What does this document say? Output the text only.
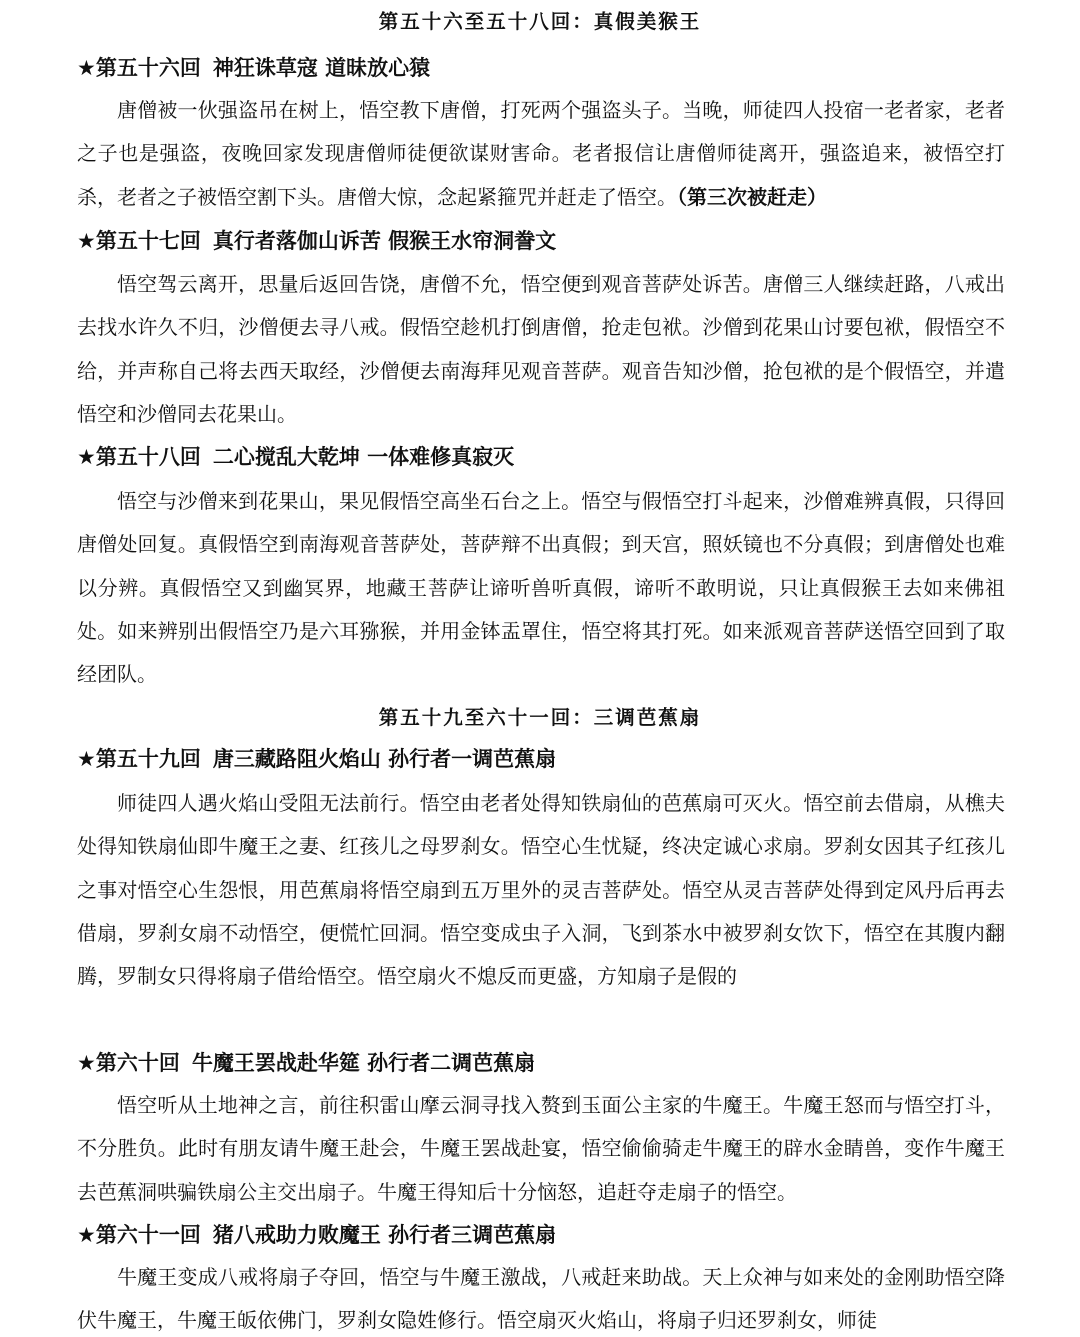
第五十六至五十八回：真假美猴王
★第五十六回 神狂诛草寇 道昧放心猿
唐僧被一伙强盗吊在树上，悟空教下唐僧，打死两个强盗头子。当晚，师徒四人投宿一老者家，老者之子也是强盗，夜晚回家发现唐僧师徒便欲谋财害命。老者报信让唐僧师徒离开，强盗追来，被悟空打杀，老者之子被悟空割下头。唐僧大惊，念起紧箍咒并赶走了悟空。（第三次被赶走）
★第五十七回 真行者落伽山诉苦 假猴王水帘洞誊文
悟空驾云离开，思量后返回告饶，唐僧不允，悟空便到观音菩萨处诉苦。唐僧三人继续赶路，八戒出去找水许久不归，沙僧便去寻八戒。假悟空趁机打倒唐僧，抢走包袱。沙僧到花果山讨要包袱，假悟空不给，并声称自己将去西天取经，沙僧便去南海拜见观音菩萨。观音告知沙僧，抢包袱的是个假悟空，并遣悟空和沙僧同去花果山。
★第五十八回 二心搅乱大乾坤 一体难修真寂灭
悟空与沙僧来到花果山，果见假悟空高坐石台之上。悟空与假悟空打斗起来，沙僧难辨真假，只得回唐僧处回复。真假悟空到南海观音菩萨处，菩萨辩不出真假；到天宫，照妖镜也不分真假；到唐僧处也难以分辨。真假悟空又到幽冥界，地藏王菩萨让谛听兽听真假，谛听不敢明说，只让真假猴王去如来佛祖处。如来辨别出假悟空乃是六耳猕猴，并用金钵盂罩住，悟空将其打死。如来派观音菩萨送悟空回到了取经团队。
第五十九至六十一回：三调芭蕉扇
★第五十九回 唐三藏路阻火焰山 孙行者一调芭蕉扇
师徒四人遇火焰山受阻无法前行。悟空由老者处得知铁扇仙的芭蕉扇可灭火。悟空前去借扇，从樵夫处得知铁扇仙即牛魔王之妻、红孩儿之母罗刹女。悟空心生忧疑，终决定诚心求扇。罗刹女因其子红孩儿之事对悟空心生怨恨，用芭蕉扇将悟空扇到五万里外的灵吉菩萨处。悟空从灵吉菩萨处得到定风丹后再去借扇，罗刹女扇不动悟空，便慌忙回洞。悟空变成虫子入洞，飞到茶水中被罗刹女饮下，悟空在其腹内翻腾，罗制女只得将扇子借给悟空。悟空扇火不熄反而更盛，方知扇子是假的
★第六十回 牛魔王罢战赴华筵 孙行者二调芭蕉扇
悟空听从土地神之言，前往积雷山摩云洞寻找入赘到玉面公主家的牛魔王。牛魔王怒而与悟空打斗，不分胜负。此时有朋友请牛魔王赴会，牛魔王罢战赴宴，悟空偷偷骑走牛魔王的辟水金睛兽，变作牛魔王去芭蕉洞哄骗铁扇公主交出扇子。牛魔王得知后十分恼怒，追赶夺走扇子的悟空。
★第六十一回 猪八戒助力败魔王 孙行者三调芭蕉扇
牛魔王变成八戒将扇子夺回，悟空与牛魔王激战，八戒赶来助战。天上众神与如来处的金刚助悟空降伏牛魔王，牛魔王皈依佛门，罗刹女隐姓修行。悟空扇灭火焰山，将扇子归还罗刹女，师徒
